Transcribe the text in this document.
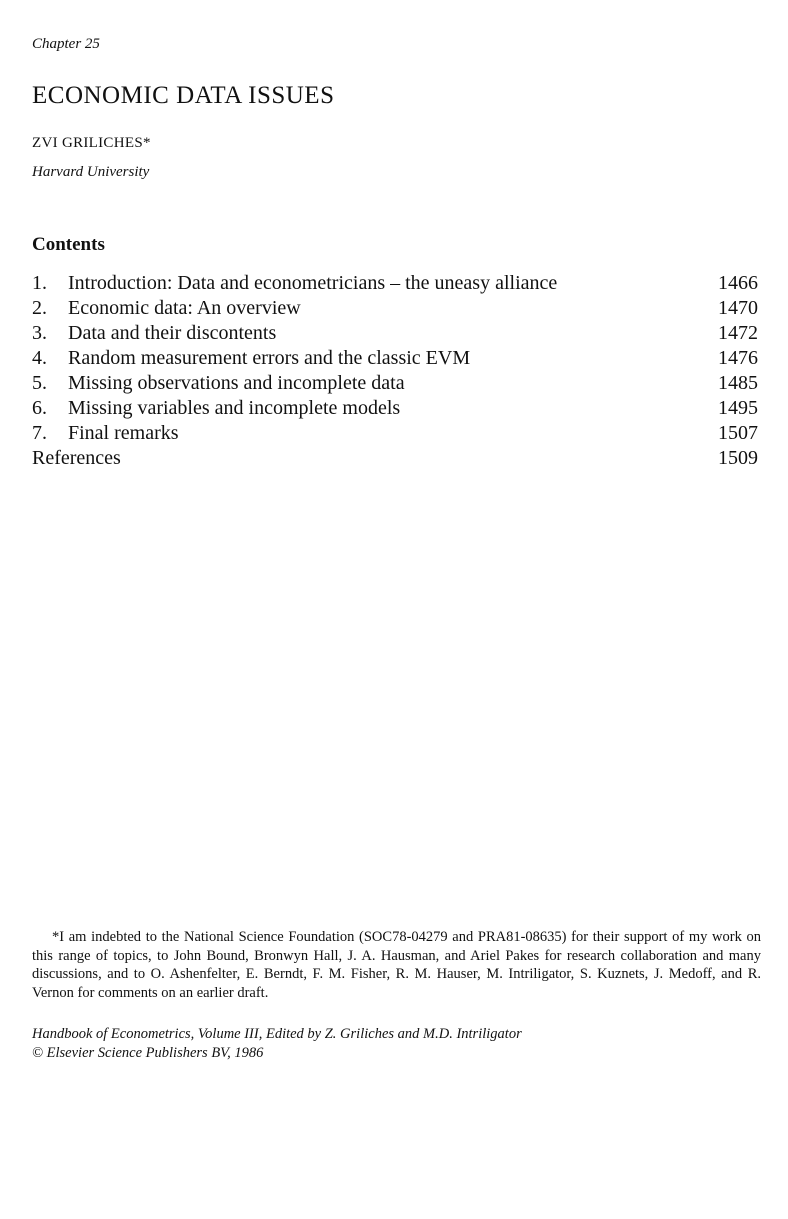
Chapter 25
ECONOMIC DATA ISSUES
ZVI GRILICHES*
Harvard University
Contents
1. Introduction: Data and econometricians – the uneasy alliance	1466
2. Economic data: An overview	1470
3. Data and their discontents	1472
4. Random measurement errors and the classic EVM	1476
5. Missing observations and incomplete data	1485
6. Missing variables and incomplete models	1495
7. Final remarks	1507
References	1509
*I am indebted to the National Science Foundation (SOC78-04279 and PRA81-08635) for their support of my work on this range of topics, to John Bound, Bronwyn Hall, J. A. Hausman, and Ariel Pakes for research collaboration and many discussions, and to O. Ashenfelter, E. Berndt, F. M. Fisher, R. M. Hauser, M. Intriligator, S. Kuznets, J. Medoff, and R. Vernon for comments on an earlier draft.
Handbook of Econometrics, Volume III, Edited by Z. Griliches and M.D. Intriligator
© Elsevier Science Publishers BV, 1986
